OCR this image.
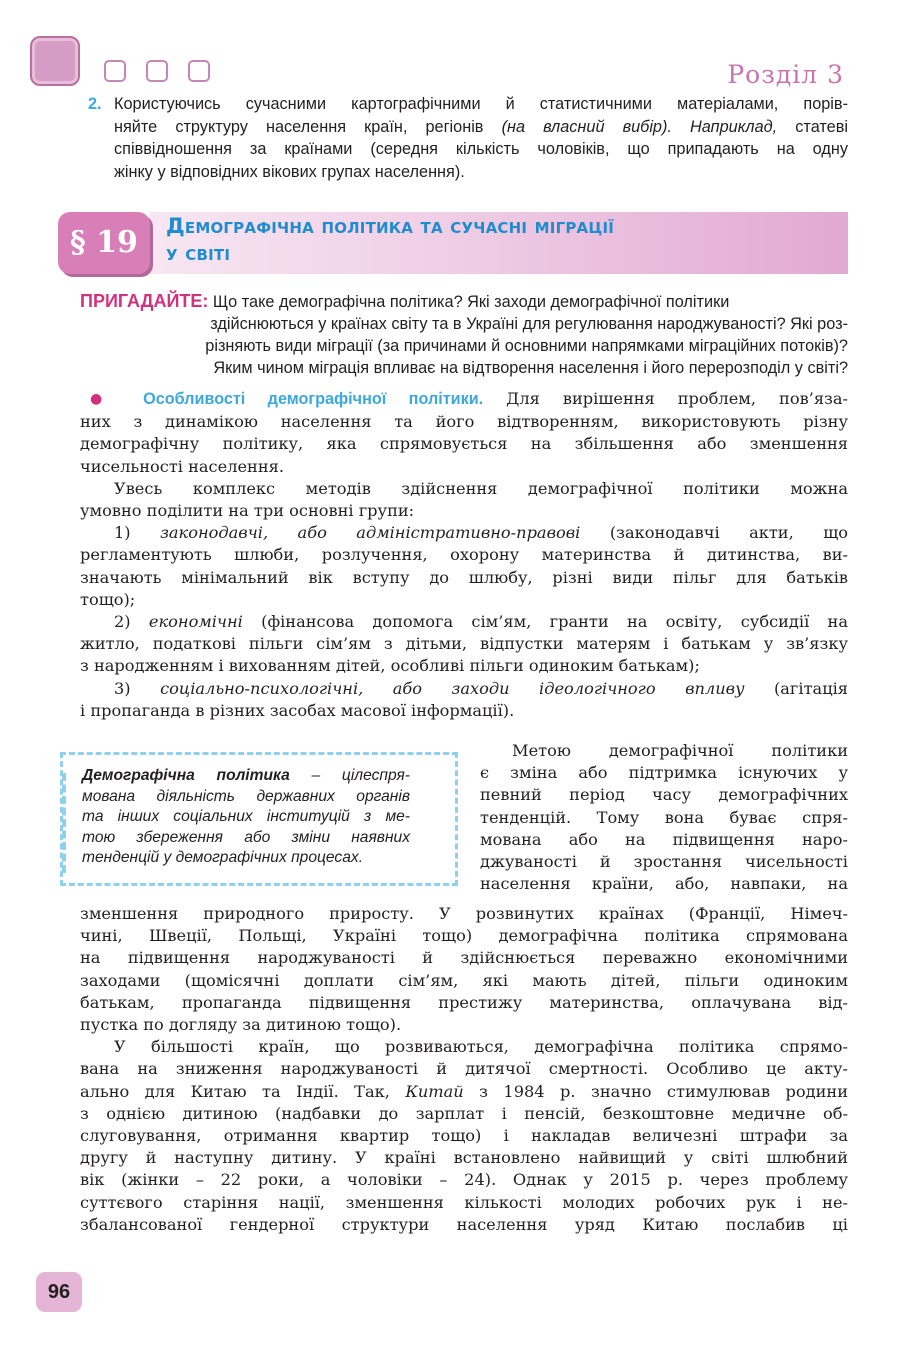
Розділ 3
2. Користуючись сучасними картографічними й статистичними матеріалами, порів-
няйте структуру населення країн, регіонів (на власний вибір). Наприклад, статеві
співвідношення за країнами (середня кількість чоловіків, що припадають на одну
жінку у відповідних вікових групах населення).
§ 19	Демографічна політика та сучасні міграції
у світі
ПРИГАДАЙТЕ: Що таке демографічна політика? Які заходи демографічної політики
здійснюються у країнах світу та в Україні для регулювання народжуваності? Які роз-
різняють види міграції (за причинами й основними напрямками міграційних потоків)?
Яким чином міграція впливає на відтворення населення і його перерозподіл у світі?
● Особливості демографічної політики. Для вирішення проблем, пов’яза-
них з динамікою населення та його відтворенням, використовують різну
демографічну політику, яка спрямовується на збільшення або зменшення
чисельності населення.
Увесь комплекс методів здійснення демографічної політики можна
умовно поділити на три основні групи:
1) законодавчі, або адміністративно-правові (законодавчі акти, що
регламентують шлюби, розлучення, охорону материнства й дитинства, ви-
значають мінімальний вік вступу до шлюбу, різні види пільг для батьків
тощо);
2) економічні (фінансова допомога сім’ям, гранти на освіту, субсидії на
житло, податкові пільги сім’ям з дітьми, відпустки матерям і батькам у зв’язку
з народженням і вихованням дітей, особливі пільги одиноким батькам);
3) соціально-психологічні, або заходи ідеологічного впливу (агітація
і пропаганда в різних засобах масової інформації).
Демографічна політика – цілеспря-
мована діяльність державних органів
та інших соціальних інституцій з ме-
тою збереження або зміни наявних
тенденцій у демографічних процесах.
Метою демографічної політики
є зміна або підтримка існуючих у
певний період часу демографічних
тенденцій. Тому вона буває спря-
мована або на підвищення наро-
джуваності й зростання чисельності
населення країни, або, навпаки, на
зменшення природного приросту. У розвинутих країнах (Франції, Німеч-
чині, Швеції, Польщі, Україні тощо) демографічна політика спрямована
на підвищення народжуваності й здійснюється переважно економічними
заходами (щомісячні доплати сім’ям, які мають дітей, пільги одиноким
батькам, пропаганда підвищення престижу материнства, оплачувана від-
пустка по догляду за дитиною тощо).
У більшості країн, що розвиваються, демографічна політика спрямо-
вана на зниження народжуваності й дитячої смертності. Особливо це акту-
ально для Китаю та Індії. Так, Китай з 1984 р. значно стимулював родини
з однією дитиною (надбавки до зарплат і пенсій, безкоштовне медичне об-
слуговування, отримання квартир тощо) і накладав величезні штрафи за
другу й наступну дитину. У країні встановлено найвищий у світі шлюбний
вік (жінки – 22 роки, а чоловіки – 24). Однак у 2015 р. через проблему
суттєвого старіння нації, зменшення кількості молодих робочих рук і не-
збалансованої гендерної структури населення уряд Китаю послабив ці
96
